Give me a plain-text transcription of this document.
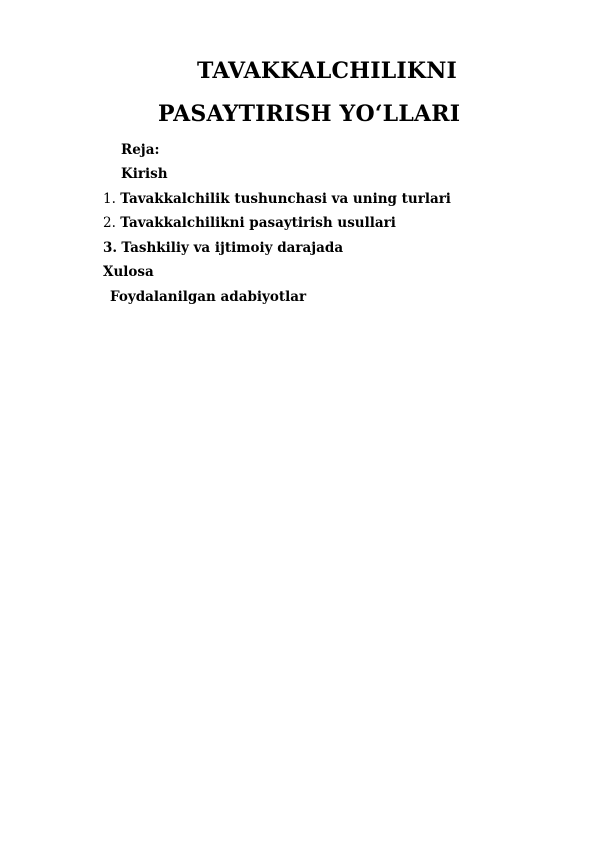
TAVAKKALCHILIKNI
PASAYTIRISH YO‘LLARI
Reja:
Kirish
1. Tavakkalchilik tushunchasi va uning turlari
2. Tavakkalchilikni pasaytirish usullari
3. Tashkiliy va ijtimoiy darajada
Xulosa
Foydalanilgan adabiyotlar
